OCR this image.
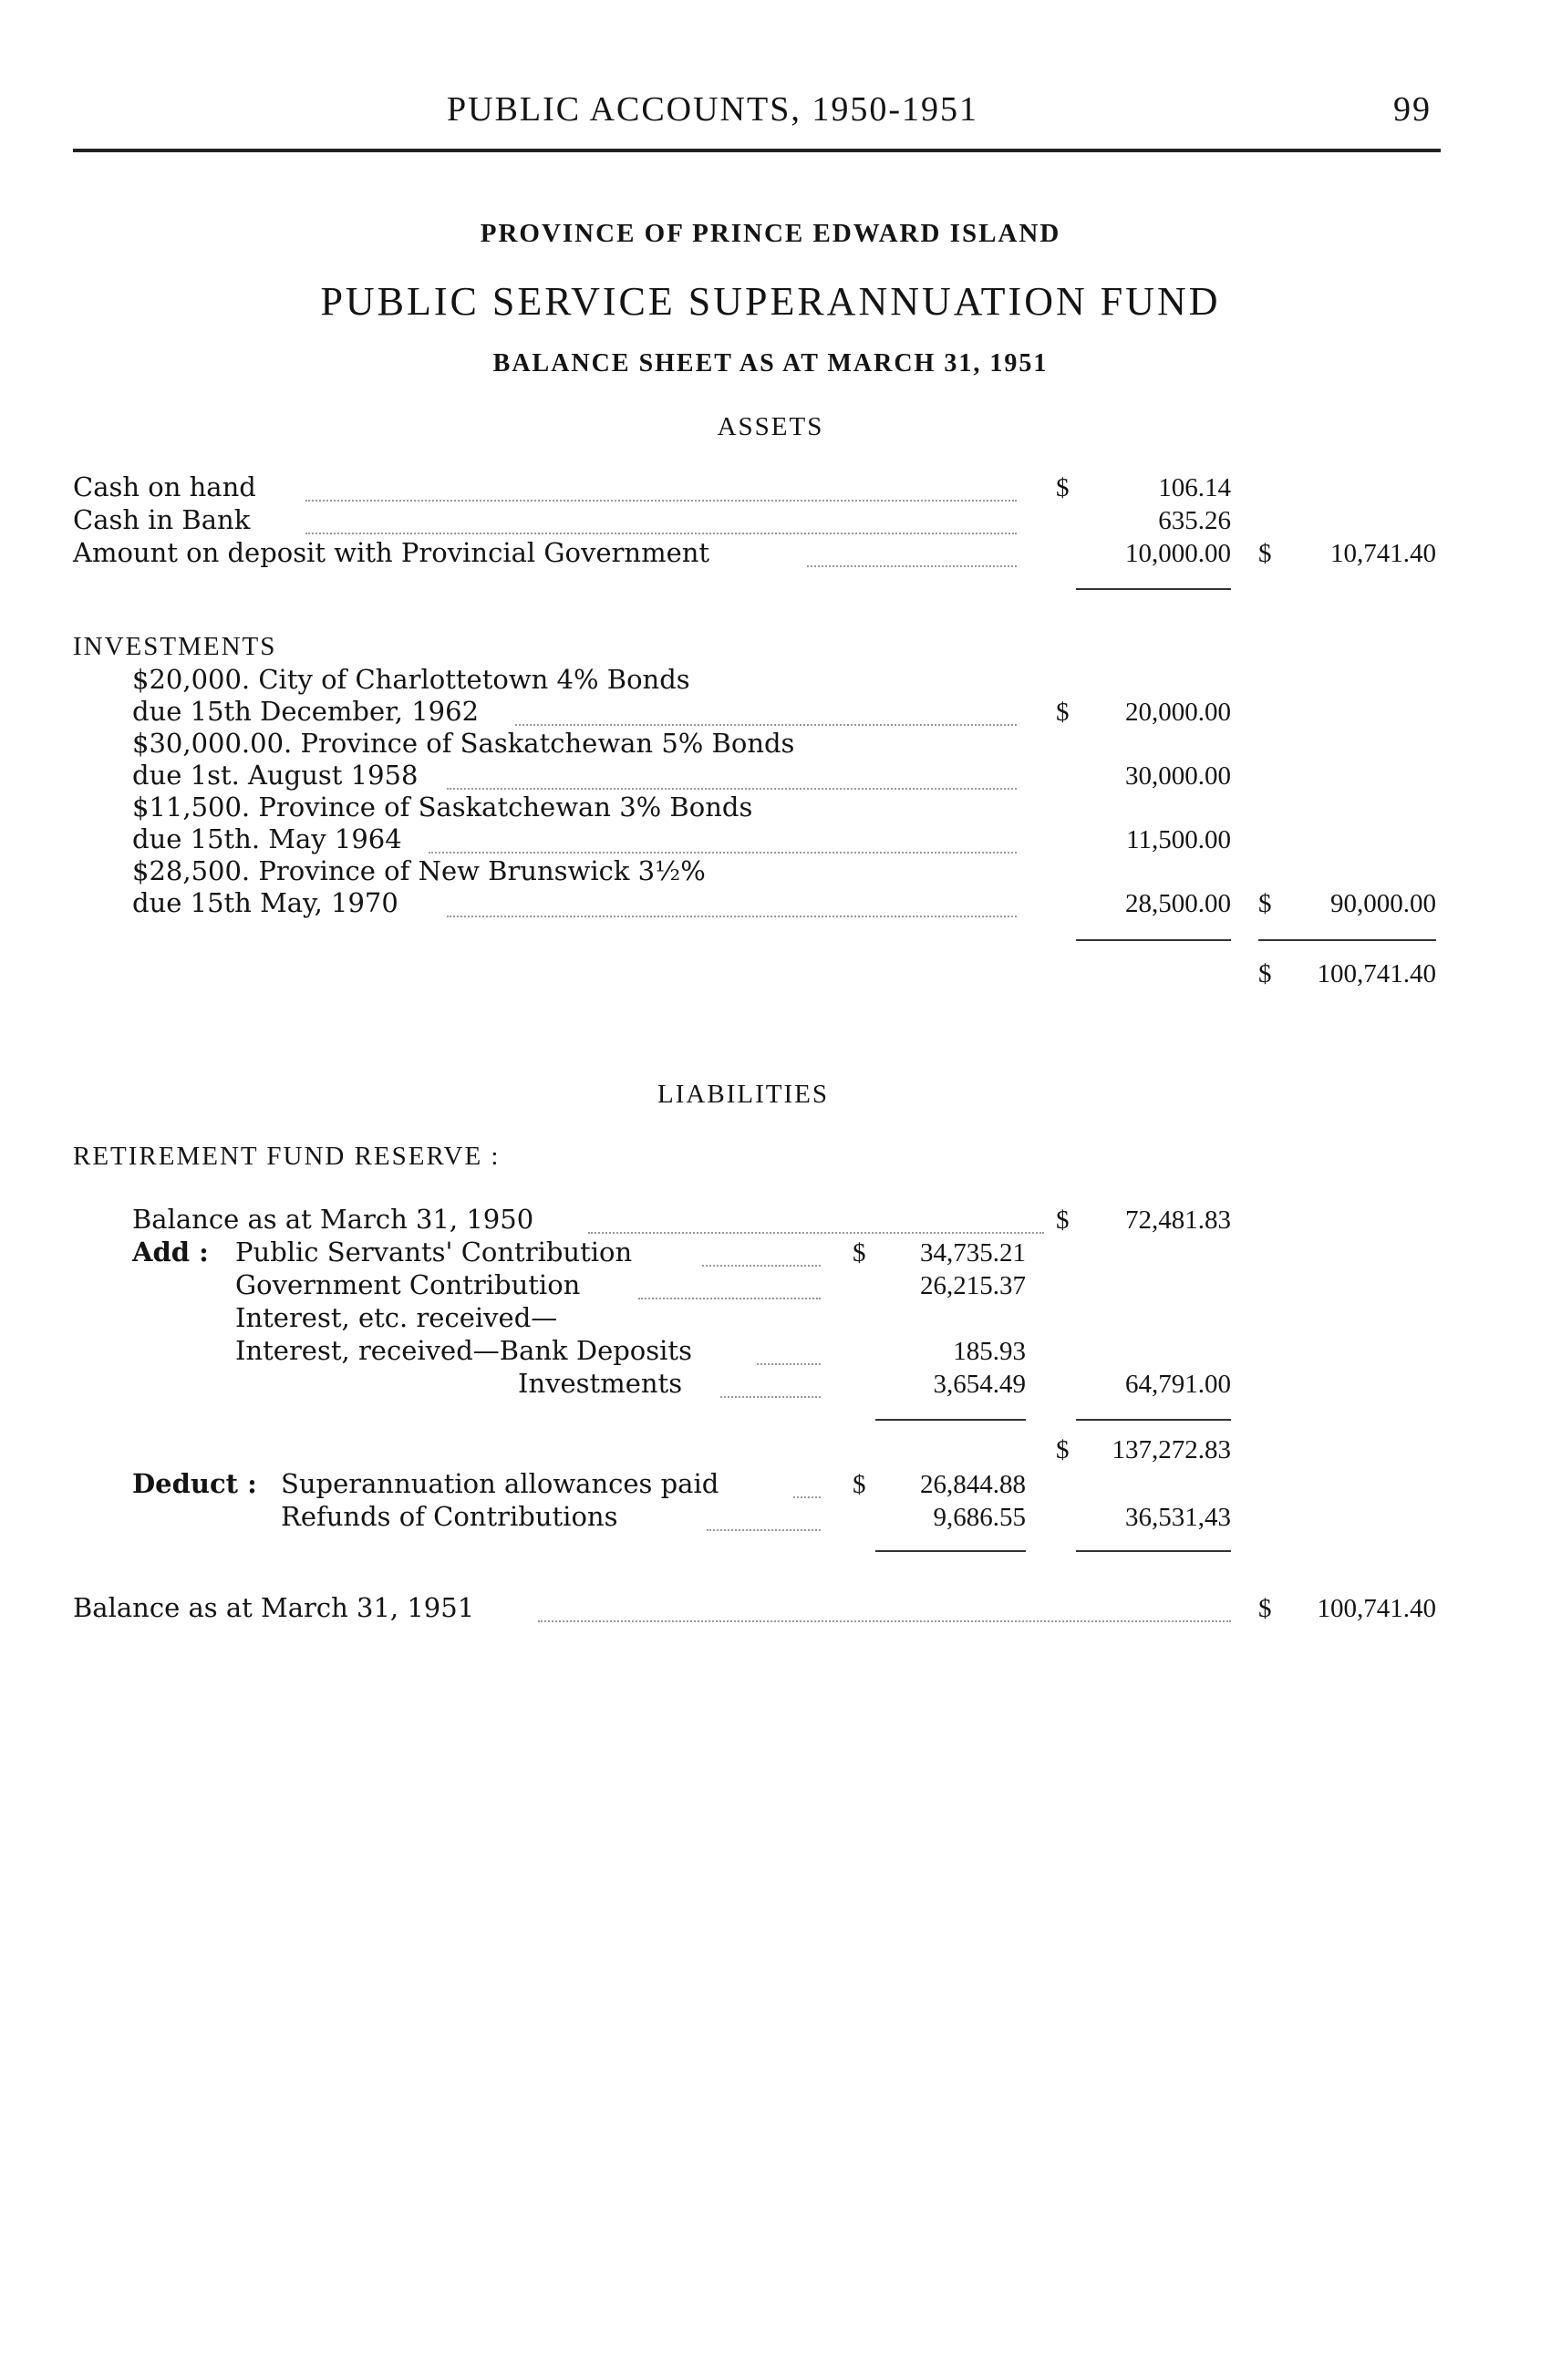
PUBLIC ACCOUNTS, 1950-1951	99
PROVINCE OF PRINCE EDWARD ISLAND
PUBLIC SERVICE SUPERANNUATION FUND
BALANCE SHEET AS AT MARCH 31, 1951
ASSETS
Cash on hand	$	106.14
Cash in Bank	635.26
Amount on deposit with Provincial Government	10,000.00 $	10,741.40
INVESTMENTS
$20,000. City of Charlottetown 4% Bonds
due 15th December, 1962	$	20,000.00
$30,000.00. Province of Saskatchewan 5% Bonds
due 1st. August 1958	30,000.00
$11,500. Province of Saskatchewan 3% Bonds
due 15th. May 1964	11,500.00
$28,500. Province of New Brunswick 3½%
due 15th May, 1970	28,500.00 $	90,000.00
$	100,741.40
LIABILITIES
RETIREMENT FUND RESERVE :
Balance as at March 31, 1950	$	72,481.83
Add : Public Servants' Contribution	$	34,735.21
Government Contribution	26,215.37
Interest, etc. received—
Interest, received—Bank Deposits	185.93
Investments	3,654.49	64,791.00
$	137,272.83
Deduct : Superannuation allowances paid	$	26,844.88
Refunds of Contributions	9,686.55	36,531,43
Balance as at March 31, 1951	$	100,741.40
